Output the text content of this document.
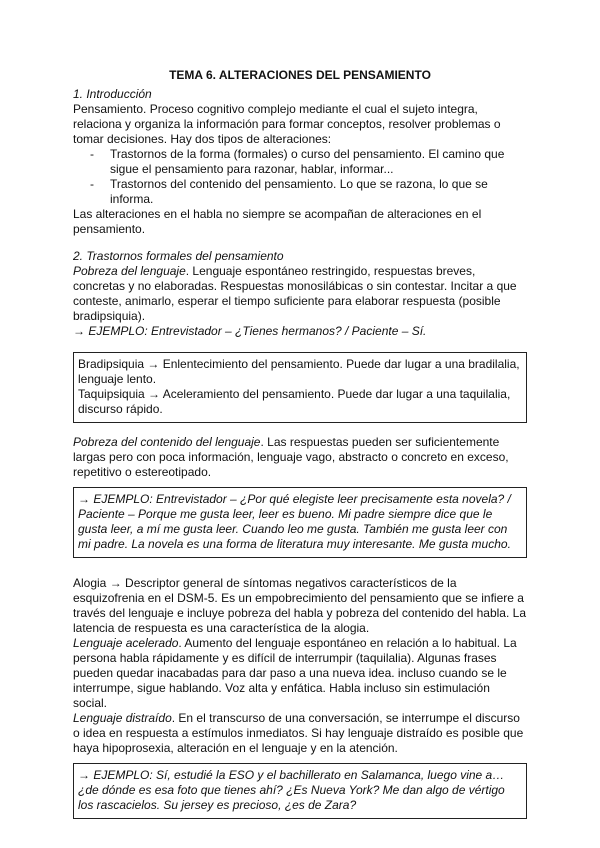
TEMA 6. ALTERACIONES DEL PENSAMIENTO
1. Introducción

Pensamiento. Proceso cognitivo complejo mediante el cual el sujeto integra, relaciona y organiza la información para formar conceptos, resolver problemas o tomar decisiones. Hay dos tipos de alteraciones:

- Trastornos de la forma (formales) o curso del pensamiento. El camino que sigue el pensamiento para razonar, hablar, informar...
- Trastornos del contenido del pensamiento. Lo que se razona, lo que se informa.

Las alteraciones en el habla no siempre se acompañan de alteraciones en el pensamiento.

2. Trastornos formales del pensamiento

Pobreza del lenguaje. Lenguaje espontáneo restringido, respuestas breves, concretas y no elaboradas. Respuestas monosilábicas o sin contestar. Incitar a que conteste, animarlo, esperar el tiempo suficiente para elaborar respuesta (posible bradipsiquia).

→ EJEMPLO: Entrevistador – ¿Tienes hermanos? / Paciente – Sí.

Bradipsiquia → Enlentecimiento del pensamiento. Puede dar lugar a una bradilalia, lenguaje lento.
Taquipsiquia → Aceleramiento del pensamiento. Puede dar lugar a una taquilalia, discurso rápido.

Pobreza del contenido del lenguaje. Las respuestas pueden ser suficientemente largas pero con poca información, lenguaje vago, abstracto o concreto en exceso, repetitivo o estereotipado.

→ EJEMPLO: Entrevistador – ¿Por qué elegiste leer precisamente esta novela? / Paciente – Porque me gusta leer, leer es bueno. Mi padre siempre dice que le gusta leer, a mí me gusta leer. Cuando leo me gusta. También me gusta leer con mi padre. La novela es una forma de literatura muy interesante. Me gusta mucho.

Alogia → Descriptor general de síntomas negativos característicos de la esquizofrenia en el DSM-5. Es un empobrecimiento del pensamiento que se infiere a través del lenguaje e incluye pobreza del habla y pobreza del contenido del habla. La latencia de respuesta es una característica de la alogia.

Lenguaje acelerado. Aumento del lenguaje espontáneo en relación a lo habitual. La persona habla rápidamente y es difícil de interrumpir (taquilalia). Algunas frases pueden quedar inacabadas para dar paso a una nueva idea. incluso cuando se le interrumpe, sigue hablando. Voz alta y enfática. Habla incluso sin estimulación social.

Lenguaje distraído. En el transcurso de una conversación, se interrumpe el discurso o idea en respuesta a estímulos inmediatos. Si hay lenguaje distraído es posible que haya hipoprosexia, alteración en el lenguaje y en la atención.

→ EJEMPLO: Sí, estudié la ESO y el bachillerato en Salamanca, luego vine a… ¿de dónde es esa foto que tienes ahí? ¿Es Nueva York? Me dan algo de vértigo los rascacielos. Su jersey es precioso, ¿es de Zara?
